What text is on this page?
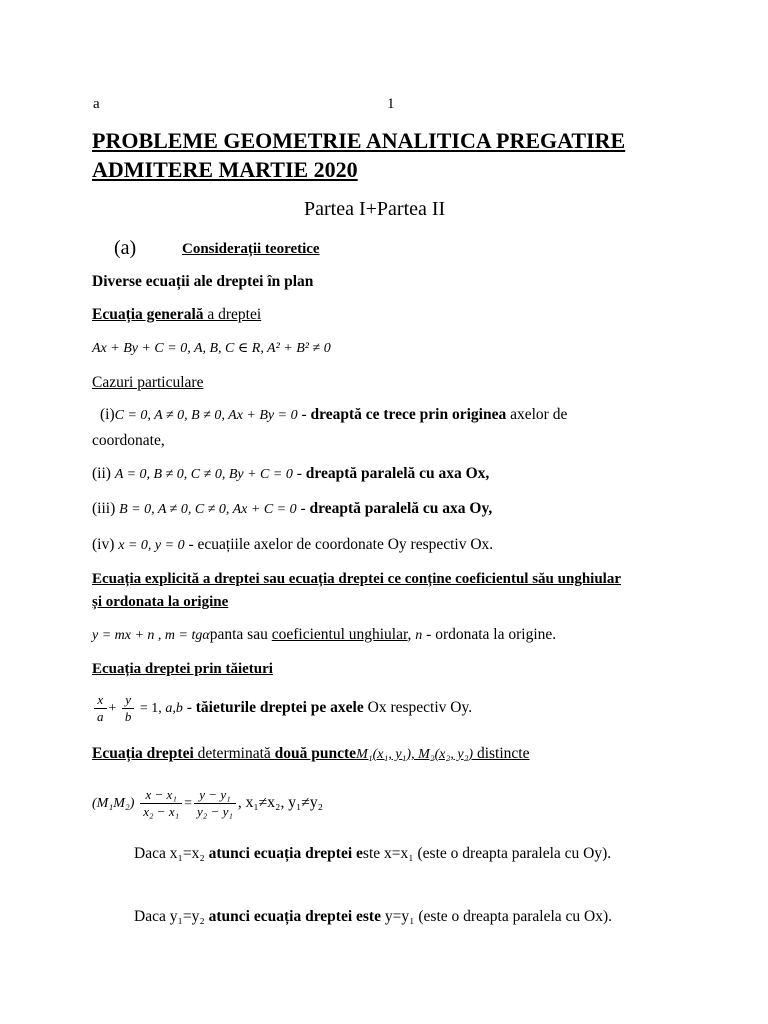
a	1
PROBLEME GEOMETRIE ANALITICA PREGATIRE
ADMITERE MARTIE 2020
Partea I+Partea II
(a)	Considerații teoretice
Diverse ecuații ale dreptei în plan
Ecuația generală a dreptei
Ax + By + C = 0, A, B, C ∈ R, A² + B² ≠ 0
Cazuri particulare
(i)C = 0, A ≠ 0, B ≠ 0, Ax + By = 0 - dreaptă ce trece prin originea axelor de
coordonate,
(ii) A = 0, B ≠ 0, C ≠ 0, By + C = 0 - dreaptă paralelă cu axa Ox,
(iii) B = 0, A ≠ 0, C ≠ 0, Ax + C = 0 - dreaptă paralelă cu axa Oy,
(iv) x = 0, y = 0 - ecuațiile axelor de coordonate Oy respectiv Ox.
Ecuația explicită a dreptei sau ecuația dreptei ce conține coeficientul său unghiular
și ordonata la origine
y = mx + n , m = tgαpanta sau coeficientul unghiular, n - ordonata la origine.
Ecuația dreptei prin tăieturi
$\frac{x}{a} + \frac{y}{b} = 1$, a,b - tăieturile dreptei pe axele Ox respectiv Oy.
Ecuația dreptei determinată două puncteM₁(x₁, y₁), M₂(x₂, y₂) distincte
$(M_1M_2) \frac{\text{x − x₁}}{\text{x₂ − x₁}} = \frac{\text{y − y₁}}{\text{y₂ − y₁}}$ , x₁≠x₂, y₁≠y₂
Daca x₁=x₂ atunci ecuația dreptei este x=x₁ (este o dreapta paralela cu Oy).
Daca y₁=y₂ atunci ecuația dreptei este y=y₁ (este o dreapta paralela cu Ox).
